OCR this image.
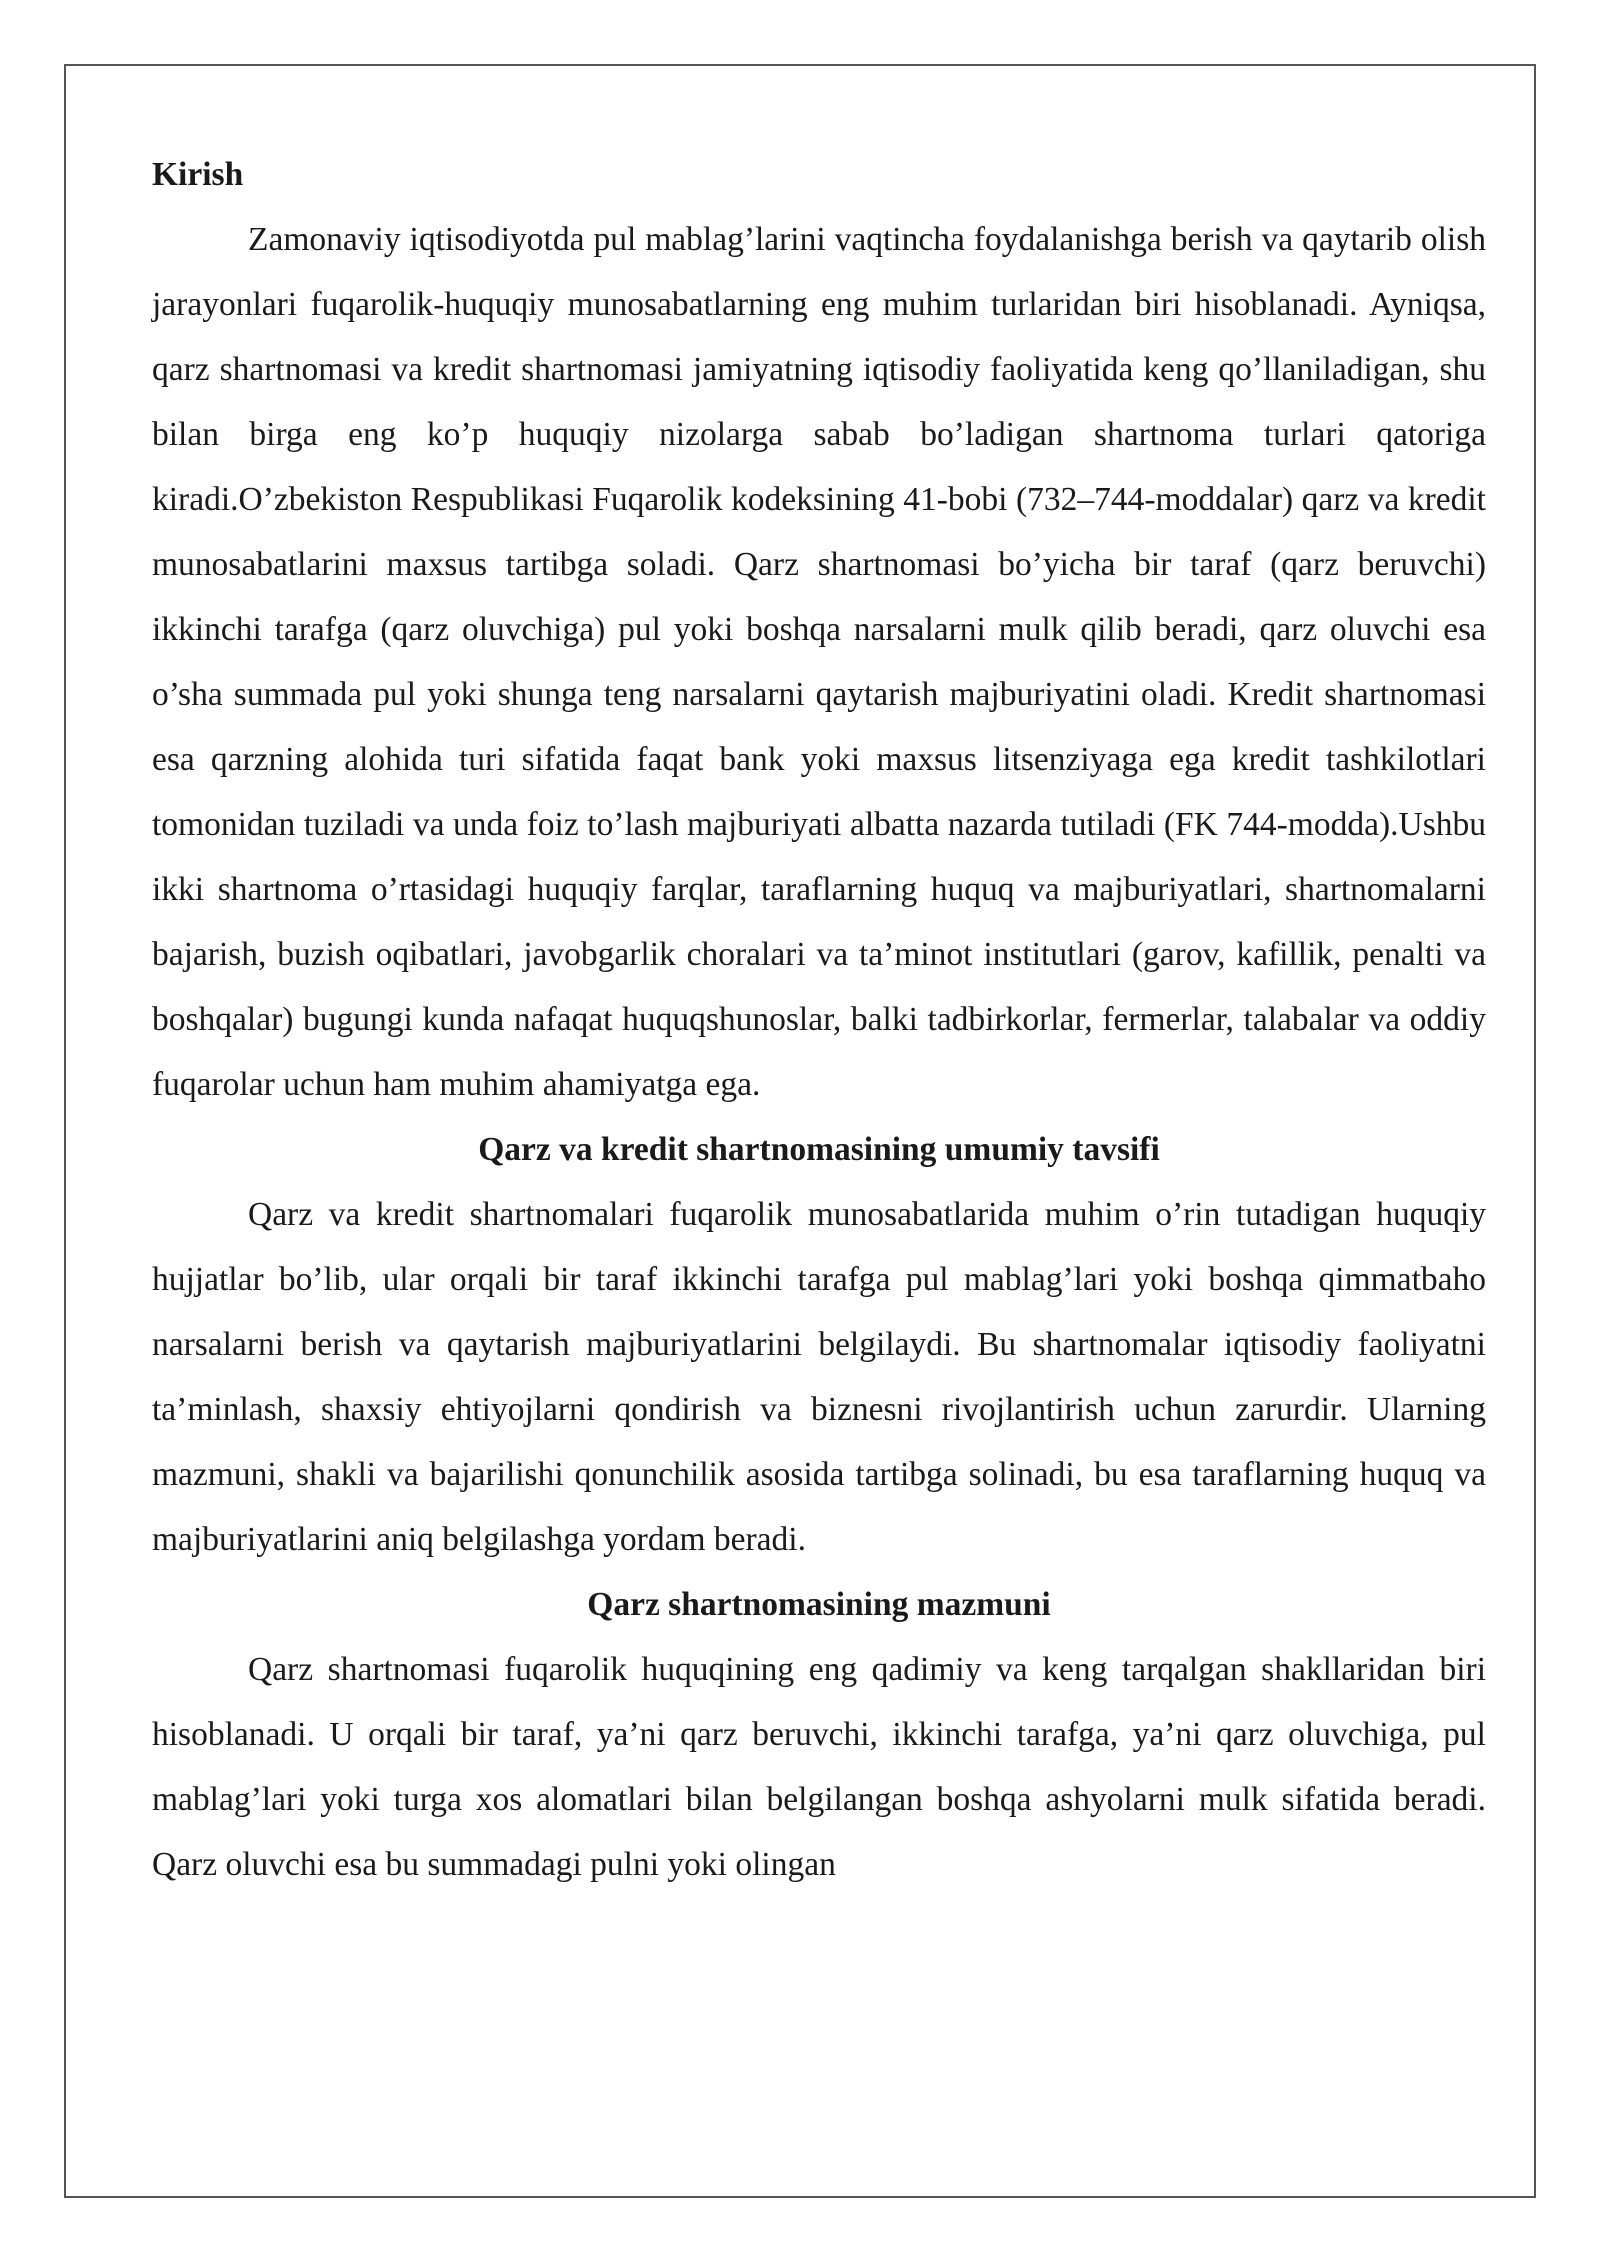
Kirish

Zamonaviy iqtisodiyotda pul mablag’larini vaqtincha foydalanishga berish va qaytarib olish jarayonlari fuqarolik-huquqiy munosabatlarning eng muhim turlaridan biri hisoblanadi. Ayniqsa, qarz shartnomasi va kredit shartnomasi jamiyatning iqtisodiy faoliyatida keng qo’llaniladigan, shu bilan birga eng ko’p huquqiy nizolarga sabab bo’ladigan shartnoma turlari qatoriga kiradi.O’zbekiston Respublikasi Fuqarolik kodeksining 41-bobi (732–744-moddalar) qarz va kredit munosabatlarini maxsus tartibga soladi. Qarz shartnomasi bo’yicha bir taraf (qarz beruvchi) ikkinchi tarafga (qarz oluvchiga) pul yoki boshqa narsalarni mulk qilib beradi, qarz oluvchi esa o’sha summada pul yoki shunga teng narsalarni qaytarish majburiyatini oladi. Kredit shartnomasi esa qarzning alohida turi sifatida faqat bank yoki maxsus litsenziyaga ega kredit tashkilotlari tomonidan tuziladi va unda foiz to’lash majburiyati albatta nazarda tutiladi (FK 744-modda).Ushbu ikki shartnoma o’rtasidagi huquqiy farqlar, taraflarning huquq va majburiyatlari, shartnomalarni bajarish, buzish oqibatlari, javobgarlik choralari va ta’minot institutlari (garov, kafillik, penalti va boshqalar) bugungi kunda nafaqat huquqshunoslar, balki tadbirkorlar, fermerlar, talabalar va oddiy fuqarolar uchun ham muhim ahamiyatga ega.

Qarz va kredit shartnomasining umumiy tavsifi

Qarz va kredit shartnomalari fuqarolik munosabatlarida muhim o’rin tutadigan huquqiy hujjatlar bo’lib, ular orqali bir taraf ikkinchi tarafga pul mablag’lari yoki boshqa qimmatbaho narsalarni berish va qaytarish majburiyatlarini belgilaydi. Bu shartnomalar iqtisodiy faoliyatni ta’minlash, shaxsiy ehtiyojlarni qondirish va biznesni rivojlantirish uchun zarurdir. Ularning mazmuni, shakli va bajarilishi qonunchilik asosida tartibga solinadi, bu esa taraflarning huquq va majburiyatlarini aniq belgilashga yordam beradi.

Qarz shartnomasining mazmuni

Qarz shartnomasi fuqarolik huquqining eng qadimiy va keng tarqalgan shakllaridan biri hisoblanadi. U orqali bir taraf, ya’ni qarz beruvchi, ikkinchi tarafga, ya’ni qarz oluvchiga, pul mablag’lari yoki turga xos alomatlari bilan belgilangan boshqa ashyolarni mulk sifatida beradi. Qarz oluvchi esa bu summadagi pulni yoki olingan
